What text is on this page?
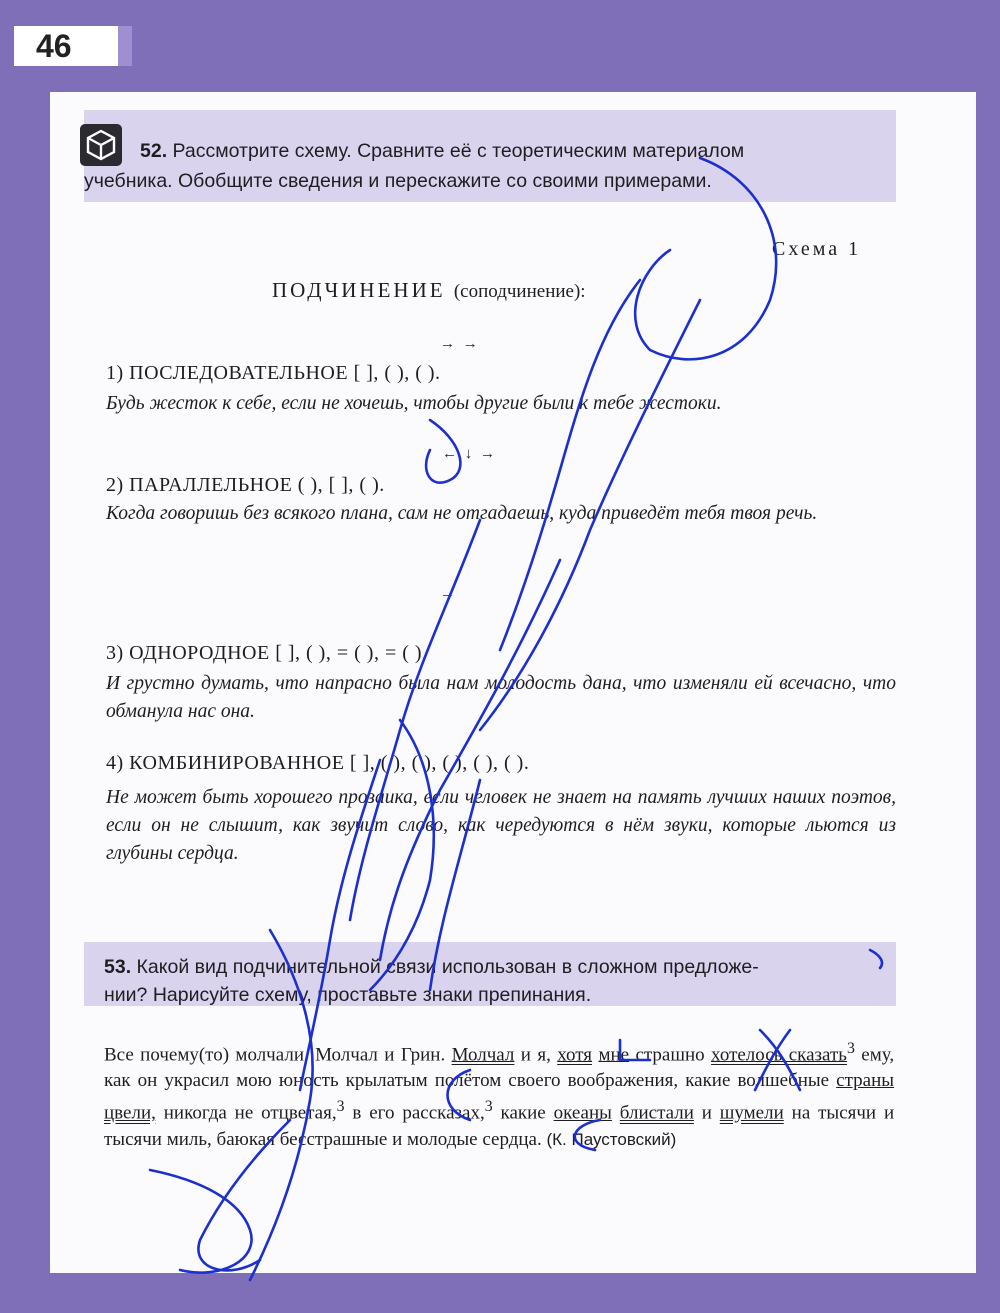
46
52. Рассмотрите схему. Сравните её с теоретическим материалом
учебника. Обобщите сведения и перескажите со своими примерами.
Схема 1
ПОДЧИНЕНИЕ (соподчинение):
→ →
1) ПОСЛЕДОВАТЕЛЬНОЕ [ ], ( ), ( ).
Будь жесток к себе, если не хочешь, чтобы другие были к тебе жестоки.
← ↓ →
2) ПАРАЛЛЕЛЬНОЕ ( ), [ ], ( ).
Когда говоришь без всякого плана, сам не отгадаешь, куда приведёт тебя твоя речь.
→
3) ОДНОРОДНОЕ [ ], ( ), = ( ), = ( ).
И грустно думать, что напрасно была нам молодость дана, что изменяли ей всечасно, что обманула нас она.
4) КОМБИНИРОВАННОЕ [ ], ( ), ( ), ( ), ( ), ( ).
Не может быть хорошего прозаика, если человек не знает на память лучших наших поэтов, если он не слышит, как звучит слово, как чередуются в нём звуки, которые льются из глубины сердца.
53. Какой вид подчинительной связи использован в сложном предложе-
нии? Нарисуйте схему, проставьте знаки препинания.
Все почему(то) молчали. Молчал и Грин. Молчал и я, хотя мне страшно хотелось сказать$^3$ ему, как он украсил мою юность крылатым полётом своего воображения, какие волшебные страны цвели, никогда не отцветая,$^3$ в его рассказах,$^3$ какие океаны блистали и шумели на тысячи и тысячи миль, баюкая бесстрашные и молодые сердца. (К. Паустовский)
